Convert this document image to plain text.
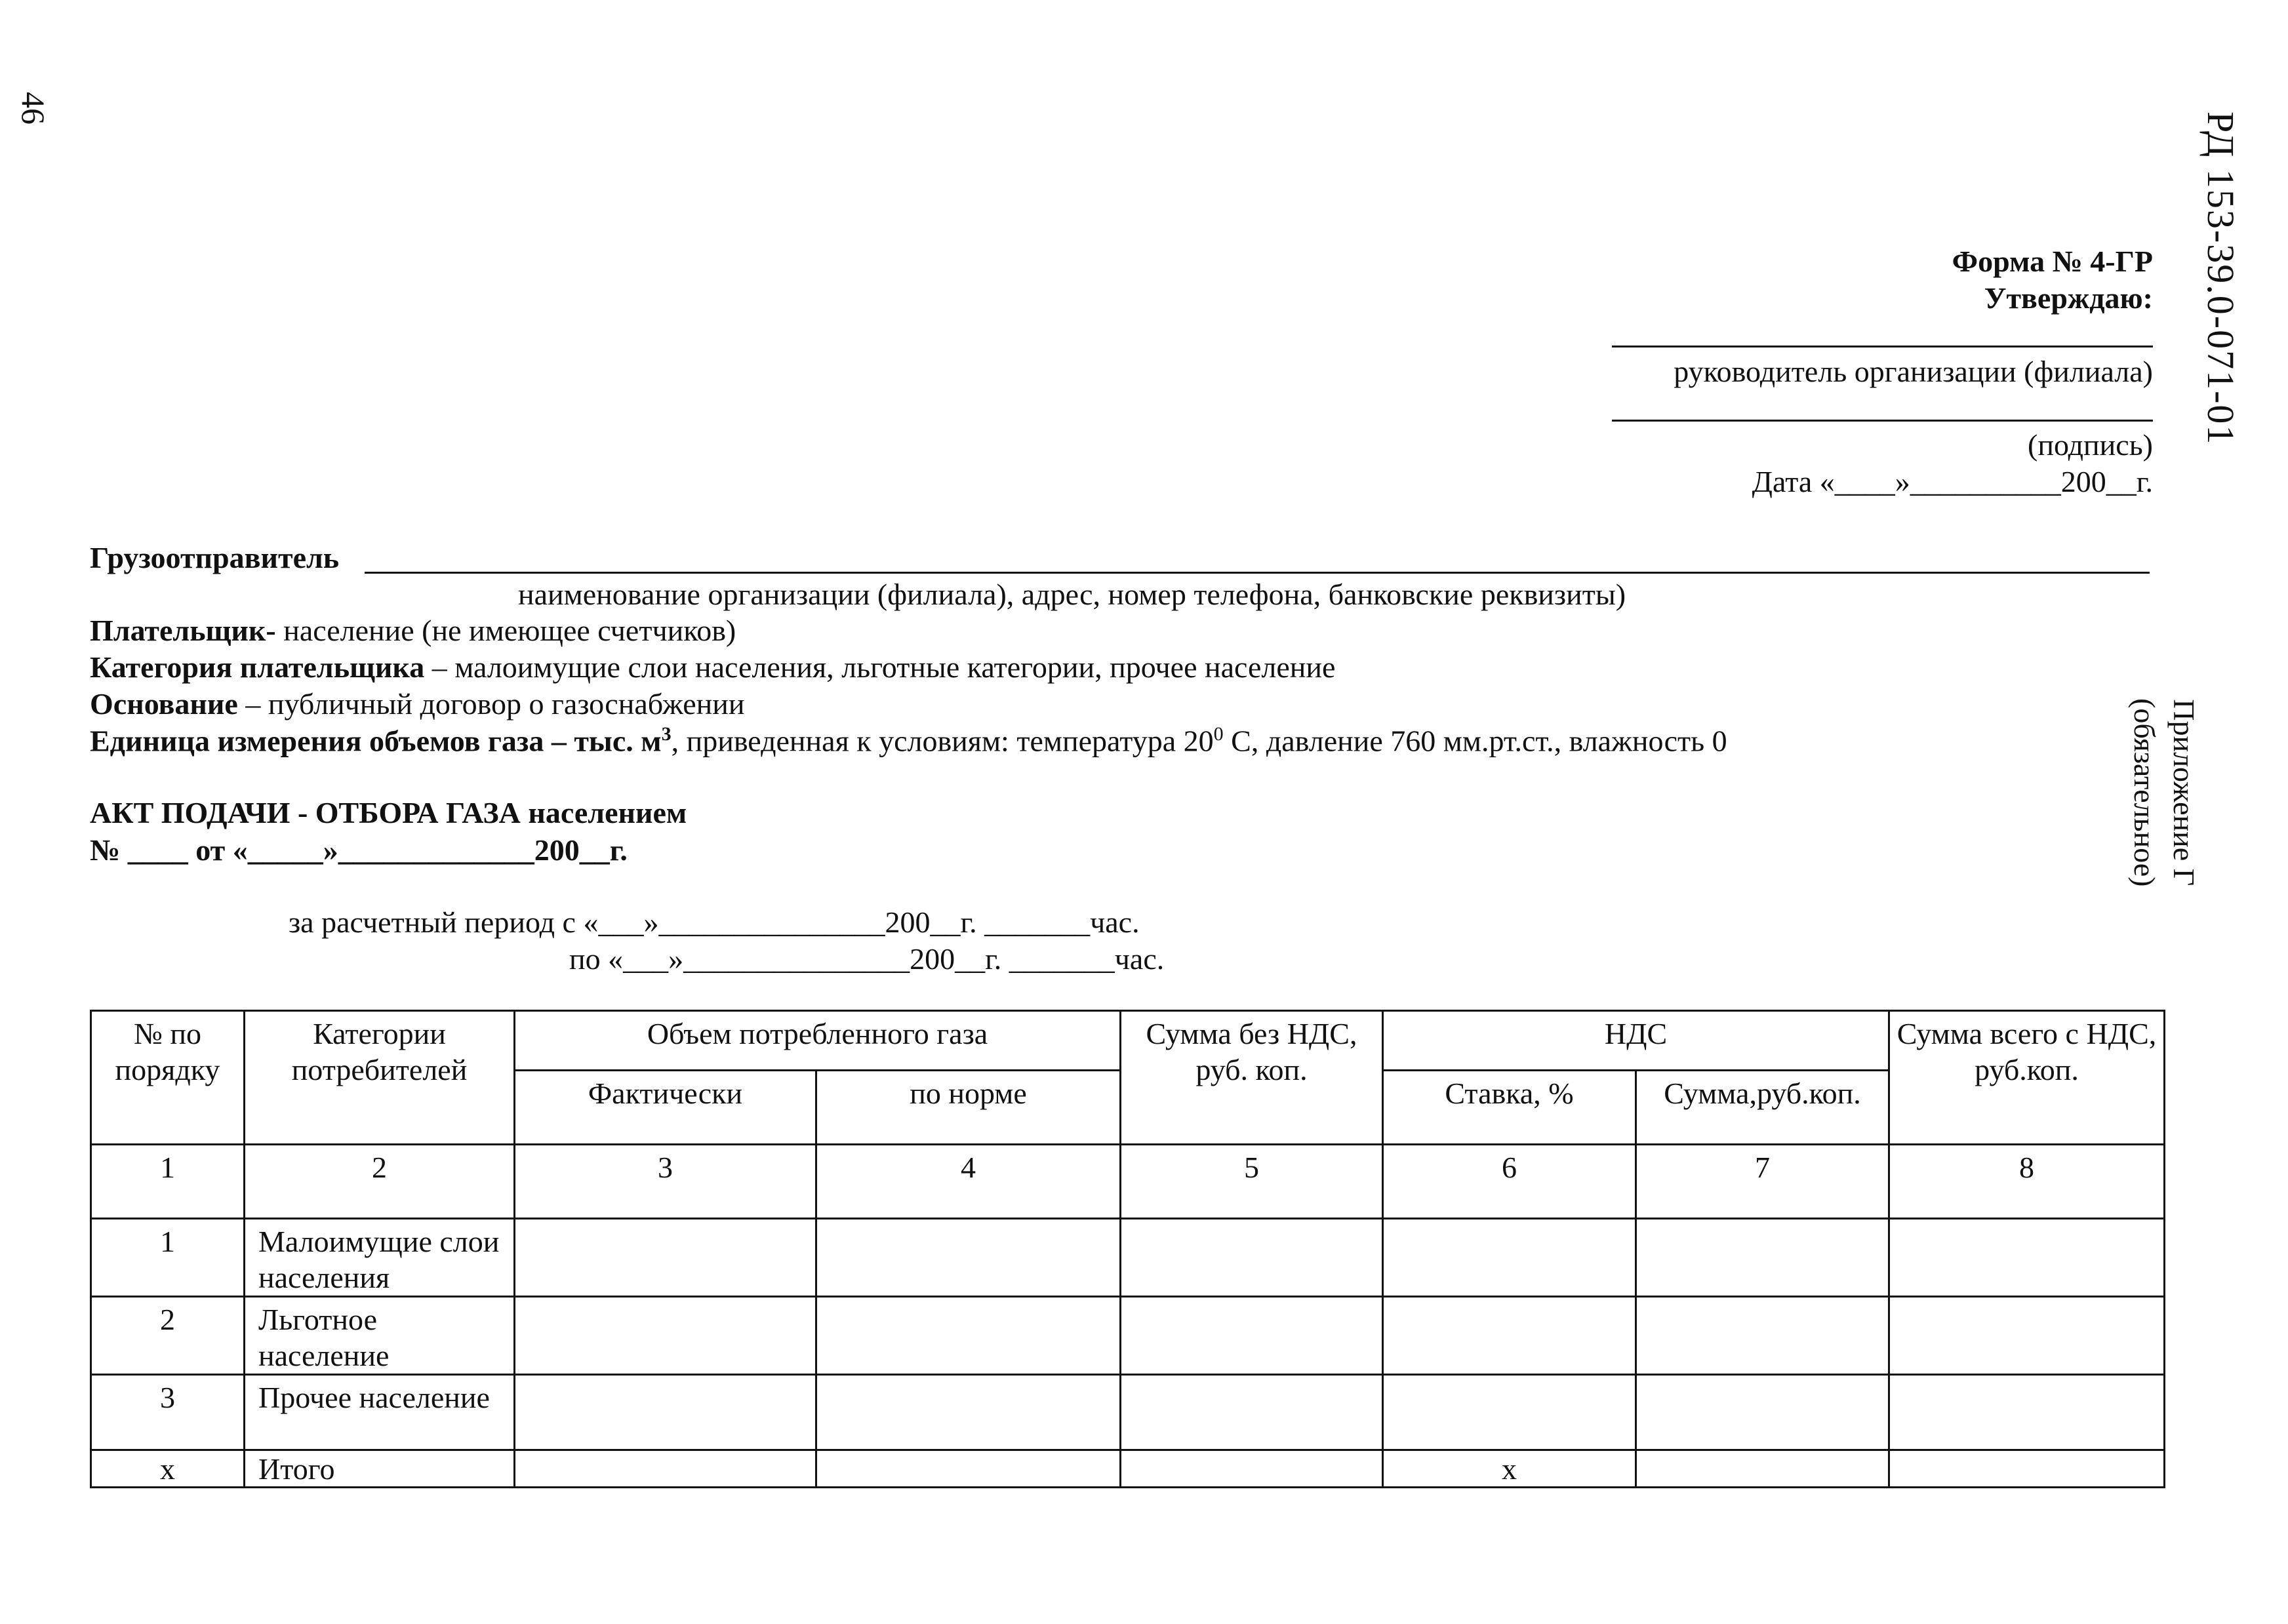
46
РД 153-39.0-071-01
Приложение Г
(обязательное)
Форма № 4-ГР
Утверждаю:
руководитель организации (филиала)
(подпись)
Дата «____»__________200__г.
Грузоотправитель
наименование организации (филиала), адрес, номер телефона, банковские реквизиты)
Плательщик- население (не имеющее счетчиков)
Категория плательщика – малоимущие слои населения, льготные категории, прочее население
Основание – публичный договор о газоснабжении
Единица измерения объемов газа – тыс. $м^3$, приведенная к условиям: температура $20^0$ С, давление 760 мм.рт.ст., влажность 0
АКТ ПОДАЧИ - ОТБОРА ГАЗА населением
№ ____ от «_____»_____________200__г.
за расчетный период с «___»_______________200__г. _______час.
по «___»_______________200__г. _______час.
№ по порядку	Категории потребителей	Объем потребленного газа		Сумма без НДС, руб. коп.	НДС		Сумма всего с НДС, руб.коп.
		Фактически	по норме		Ставка, %	Сумма,руб.коп.	
1	2	3	4	5	6	7	8
1	Малоимущие слои населения						
2	Льготное население						
3	Прочее население						
х	Итого				х		
